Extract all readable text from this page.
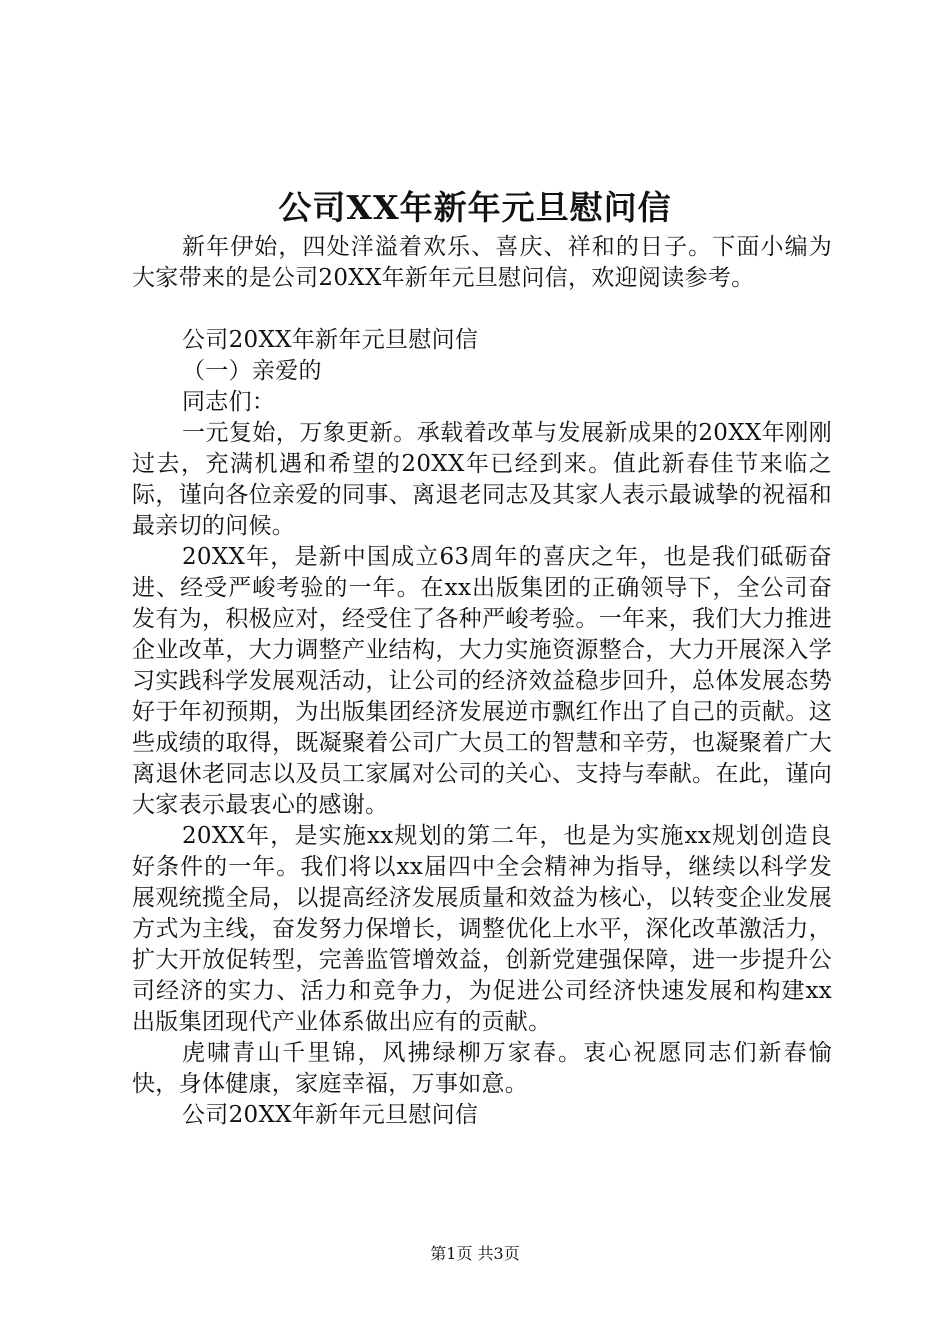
公司XX年新年元旦慰问信

新年伊始，四处洋溢着欢乐、喜庆、祥和的日子。下面小编为大家带来的是公司20XX年新年元旦慰问信，欢迎阅读参考。

公司20XX年新年元旦慰问信

（一）亲爱的

同志们：

一元复始，万象更新。承载着改革与发展新成果的20XX年刚刚过去，充满机遇和希望的20XX年已经到来。值此新春佳节来临之际，谨向各位亲爱的同事、离退老同志及其家人表示最诚挚的祝福和最亲切的问候。

20XX年，是新中国成立63周年的喜庆之年，也是我们砥砺奋进、经受严峻考验的一年。在xx出版集团的正确领导下，全公司奋发有为，积极应对，经受住了各种严峻考验。一年来，我们大力推进企业改革，大力调整产业结构，大力实施资源整合，大力开展深入学习实践科学发展观活动，让公司的经济效益稳步回升，总体发展态势好于年初预期，为出版集团经济发展逆市飘红作出了自己的贡献。这些成绩的取得，既凝聚着公司广大员工的智慧和辛劳，也凝聚着广大离退休老同志以及员工家属对公司的关心、支持与奉献。在此，谨向大家表示最衷心的感谢。

20XX年，是实施xx规划的第二年，也是为实施xx规划创造良好条件的一年。我们将以xx届四中全会精神为指导，继续以科学发展观统揽全局，以提高经济发展质量和效益为核心，以转变企业发展方式为主线，奋发努力保增长，调整优化上水平，深化改革激活力，扩大开放促转型，完善监管增效益，创新党建强保障，进一步提升公司经济的实力、活力和竞争力，为促进公司经济快速发展和构建xx出版集团现代产业体系做出应有的贡献。

虎啸青山千里锦，风拂绿柳万家春。衷心祝愿同志们新春愉快，身体健康，家庭幸福，万事如意。

公司20XX年新年元旦慰问信

第1页 共3页
